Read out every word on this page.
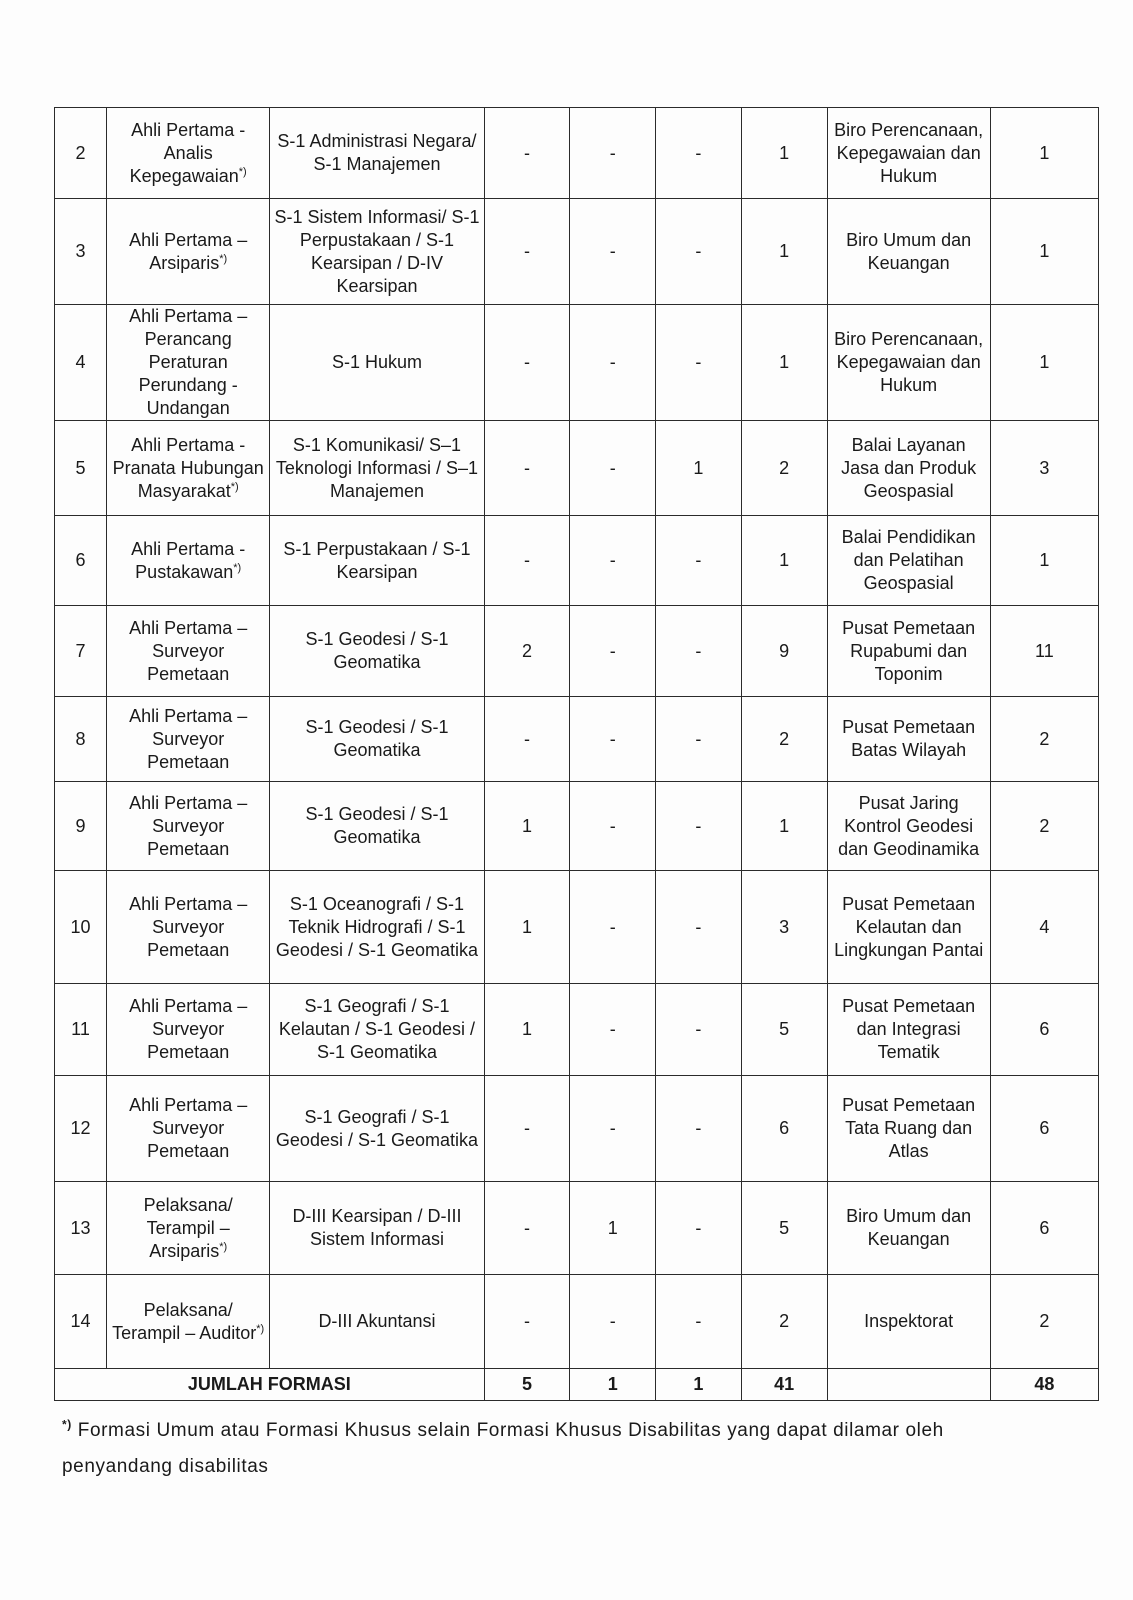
2	Ahli Pertama - Analis Kepegawaian*)	S-1 Administrasi Negara/ S-1 Manajemen	-	-	-	1	Biro Perencanaan, Kepegawaian dan Hukum	1
3	Ahli Pertama – Arsiparis*)	S-1 Sistem Informasi/ S-1 Perpustakaan / S-1 Kearsipan / D-IV Kearsipan	-	-	-	1	Biro Umum dan Keuangan	1
4	Ahli Pertama – Perancang Peraturan Perundang - Undangan	S-1 Hukum	-	-	-	1	Biro Perencanaan, Kepegawaian dan Hukum	1
5	Ahli Pertama - Pranata Hubungan Masyarakat*)	S-1 Komunikasi/ S–1 Teknologi Informasi / S–1 Manajemen	-	-	1	2	Balai Layanan Jasa dan Produk Geospasial	3
6	Ahli Pertama - Pustakawan*)	S-1 Perpustakaan / S-1 Kearsipan	-	-	-	1	Balai Pendidikan dan Pelatihan Geospasial	1
7	Ahli Pertama – Surveyor Pemetaan	S-1 Geodesi / S-1 Geomatika	2	-	-	9	Pusat Pemetaan Rupabumi dan Toponim	11
8	Ahli Pertama – Surveyor Pemetaan	S-1 Geodesi / S-1 Geomatika	-	-	-	2	Pusat Pemetaan Batas Wilayah	2
9	Ahli Pertama – Surveyor Pemetaan	S-1 Geodesi / S-1 Geomatika	1	-	-	1	Pusat Jaring Kontrol Geodesi dan Geodinamika	2
10	Ahli Pertama – Surveyor Pemetaan	S-1 Oceanografi / S-1 Teknik Hidrografi / S-1 Geodesi / S-1 Geomatika	1	-	-	3	Pusat Pemetaan Kelautan dan Lingkungan Pantai	4
11	Ahli Pertama – Surveyor Pemetaan	S-1 Geografi / S-1 Kelautan / S-1 Geodesi / S-1 Geomatika	1	-	-	5	Pusat Pemetaan dan Integrasi Tematik	6
12	Ahli Pertama – Surveyor Pemetaan	S-1 Geografi / S-1 Geodesi / S-1 Geomatika	-	-	-	6	Pusat Pemetaan Tata Ruang dan Atlas	6
13	Pelaksana/ Terampil – Arsiparis*)	D-III Kearsipan / D-III Sistem Informasi	-	1	-	5	Biro Umum dan Keuangan	6
14	Pelaksana/ Terampil – Auditor*)	D-III Akuntansi	-	-	-	2	Inspektorat	2
JUMLAH FORMASI			5	1	1	41		48
*) Formasi Umum atau Formasi Khusus selain Formasi Khusus Disabilitas yang dapat dilamar oleh penyandang disabilitas
